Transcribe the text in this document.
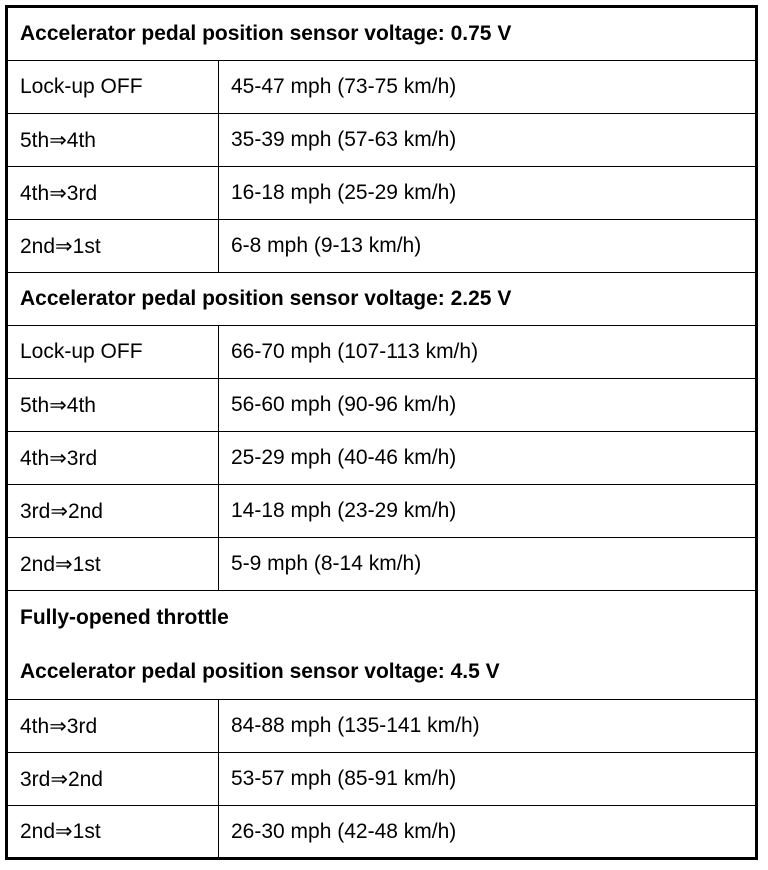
Accelerator pedal position sensor voltage: 0.75 V	
Lock-up OFF	45-47 mph (73-75 km/h)
5th⇒4th	35-39 mph (57-63 km/h)
4th⇒3rd	16-18 mph (25-29 km/h)
2nd⇒1st	6-8 mph (9-13 km/h)
Accelerator pedal position sensor voltage: 2.25 V	
Lock-up OFF	66-70 mph (107-113 km/h)
5th⇒4th	56-60 mph (90-96 km/h)
4th⇒3rd	25-29 mph (40-46 km/h)
3rd⇒2nd	14-18 mph (23-29 km/h)
2nd⇒1st	5-9 mph (8-14 km/h)

Fully-opened throttle
Accelerator pedal position sensor voltage: 4.5 V	

4th⇒3rd	84-88 mph (135-141 km/h)
3rd⇒2nd	53-57 mph (85-91 km/h)
2nd⇒1st	26-30 mph (42-48 km/h)
